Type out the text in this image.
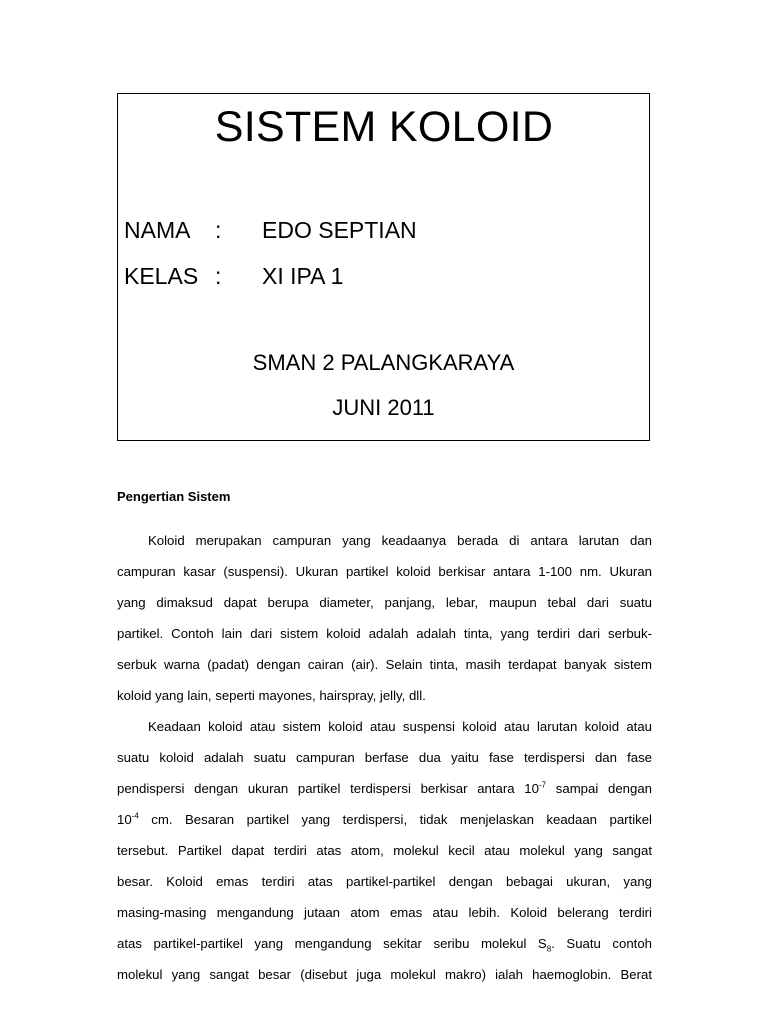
SISTEM KOLOID
NAMA : EDO SEPTIAN
KELAS : XI IPA 1
SMAN 2 PALANGKARAYA
JUNI 2011
Pengertian Sistem
Koloid merupakan campuran yang keadaanya berada di antara larutan dan
campuran kasar (suspensi). Ukuran partikel koloid berkisar antara 1-100 nm. Ukuran
yang dimaksud dapat berupa diameter, panjang, lebar, maupun tebal dari suatu
partikel. Contoh lain dari sistem koloid adalah adalah tinta, yang terdiri dari serbuk-
serbuk warna (padat) dengan cairan (air). Selain tinta, masih terdapat banyak sistem
koloid yang lain, seperti mayones, hairspray, jelly, dll.
Keadaan koloid atau sistem koloid atau suspensi koloid atau larutan koloid atau
suatu koloid adalah suatu campuran berfase dua yaitu fase terdispersi dan fase
pendispersi dengan ukuran partikel terdispersi berkisar antara $10^{-7}$ sampai dengan
$10^{-4}$ cm. Besaran partikel yang terdispersi, tidak menjelaskan keadaan partikel
tersebut. Partikel dapat terdiri atas atom, molekul kecil atau molekul yang sangat
besar. Koloid emas terdiri atas partikel-partikel dengan bebagai ukuran, yang
masing-masing mengandung jutaan atom emas atau lebih. Koloid belerang terdiri
atas partikel-partikel yang mengandung sekitar seribu molekul $S_8$. Suatu contoh
molekul yang sangat besar (disebut juga molekul makro) ialah haemoglobin. Berat
